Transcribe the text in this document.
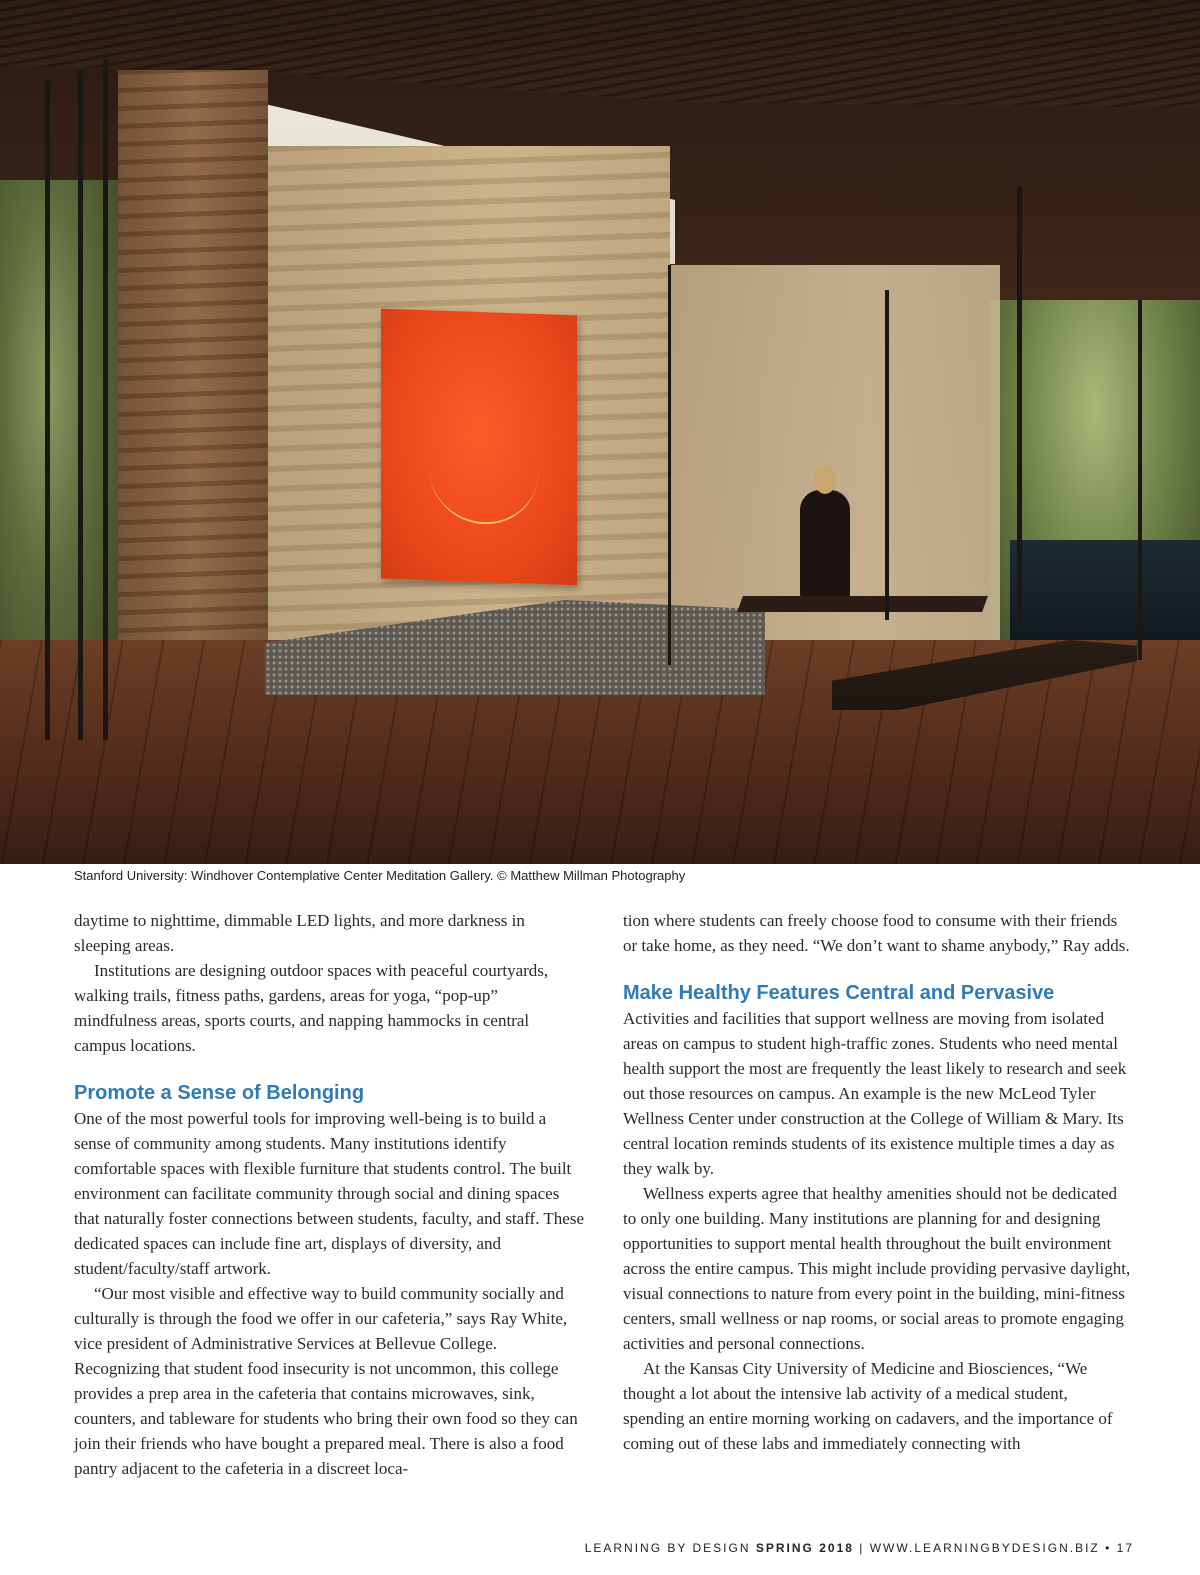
Stanford University: Windhover Contemplative Center Meditation Gallery. © Matthew Millman Photography

daytime to nighttime, dimmable LED lights, and more darkness in sleeping areas.

Institutions are designing outdoor spaces with peaceful courtyards, walking trails, fitness paths, gardens, areas for yoga, “pop-up” mindfulness areas, sports courts, and napping hammocks in central campus locations.

Promote a Sense of Belonging

One of the most powerful tools for improving well-being is to build a sense of community among students. Many institutions identify comfortable spaces with flexible furniture that students control. The built environment can facilitate community through social and dining spaces that naturally foster connections between students, faculty, and staff. These dedicated spaces can include fine art, displays of diversity, and student/faculty/staff artwork.

“Our most visible and effective way to build community socially and culturally is through the food we offer in our cafeteria,” says Ray White, vice president of Administrative Services at Bellevue College. Recognizing that student food insecurity is not uncommon, this college provides a prep area in the cafeteria that contains microwaves, sink, counters, and tableware for students who bring their own food so they can join their friends who have bought a prepared meal. There is also a food pantry adjacent to the cafeteria in a discreet loca-

tion where students can freely choose food to consume with their friends or take home, as they need. “We don’t want to shame anybody,” Ray adds.

Make Healthy Features Central and Pervasive

Activities and facilities that support wellness are moving from isolated areas on campus to student high-traffic zones. Students who need mental health support the most are frequently the least likely to research and seek out those resources on campus. An example is the new McLeod Tyler Wellness Center under construction at the College of William & Mary. Its central location reminds students of its existence multiple times a day as they walk by.

Wellness experts agree that healthy amenities should not be dedicated to only one building. Many institutions are planning for and designing opportunities to support mental health throughout the built environment across the entire campus. This might include providing pervasive daylight, visual connections to nature from every point in the building, mini-fitness centers, small wellness or nap rooms, or social areas to promote engaging activities and personal connections.

At the Kansas City University of Medicine and Biosciences, “We thought a lot about the intensive lab activity of a medical student, spending an entire morning working on cadavers, and the importance of coming out of these labs and immediately connecting with

LEARNING BY DESIGN SPRING 2018 | WWW.LEARNINGBYDESIGN.BIZ • 17
